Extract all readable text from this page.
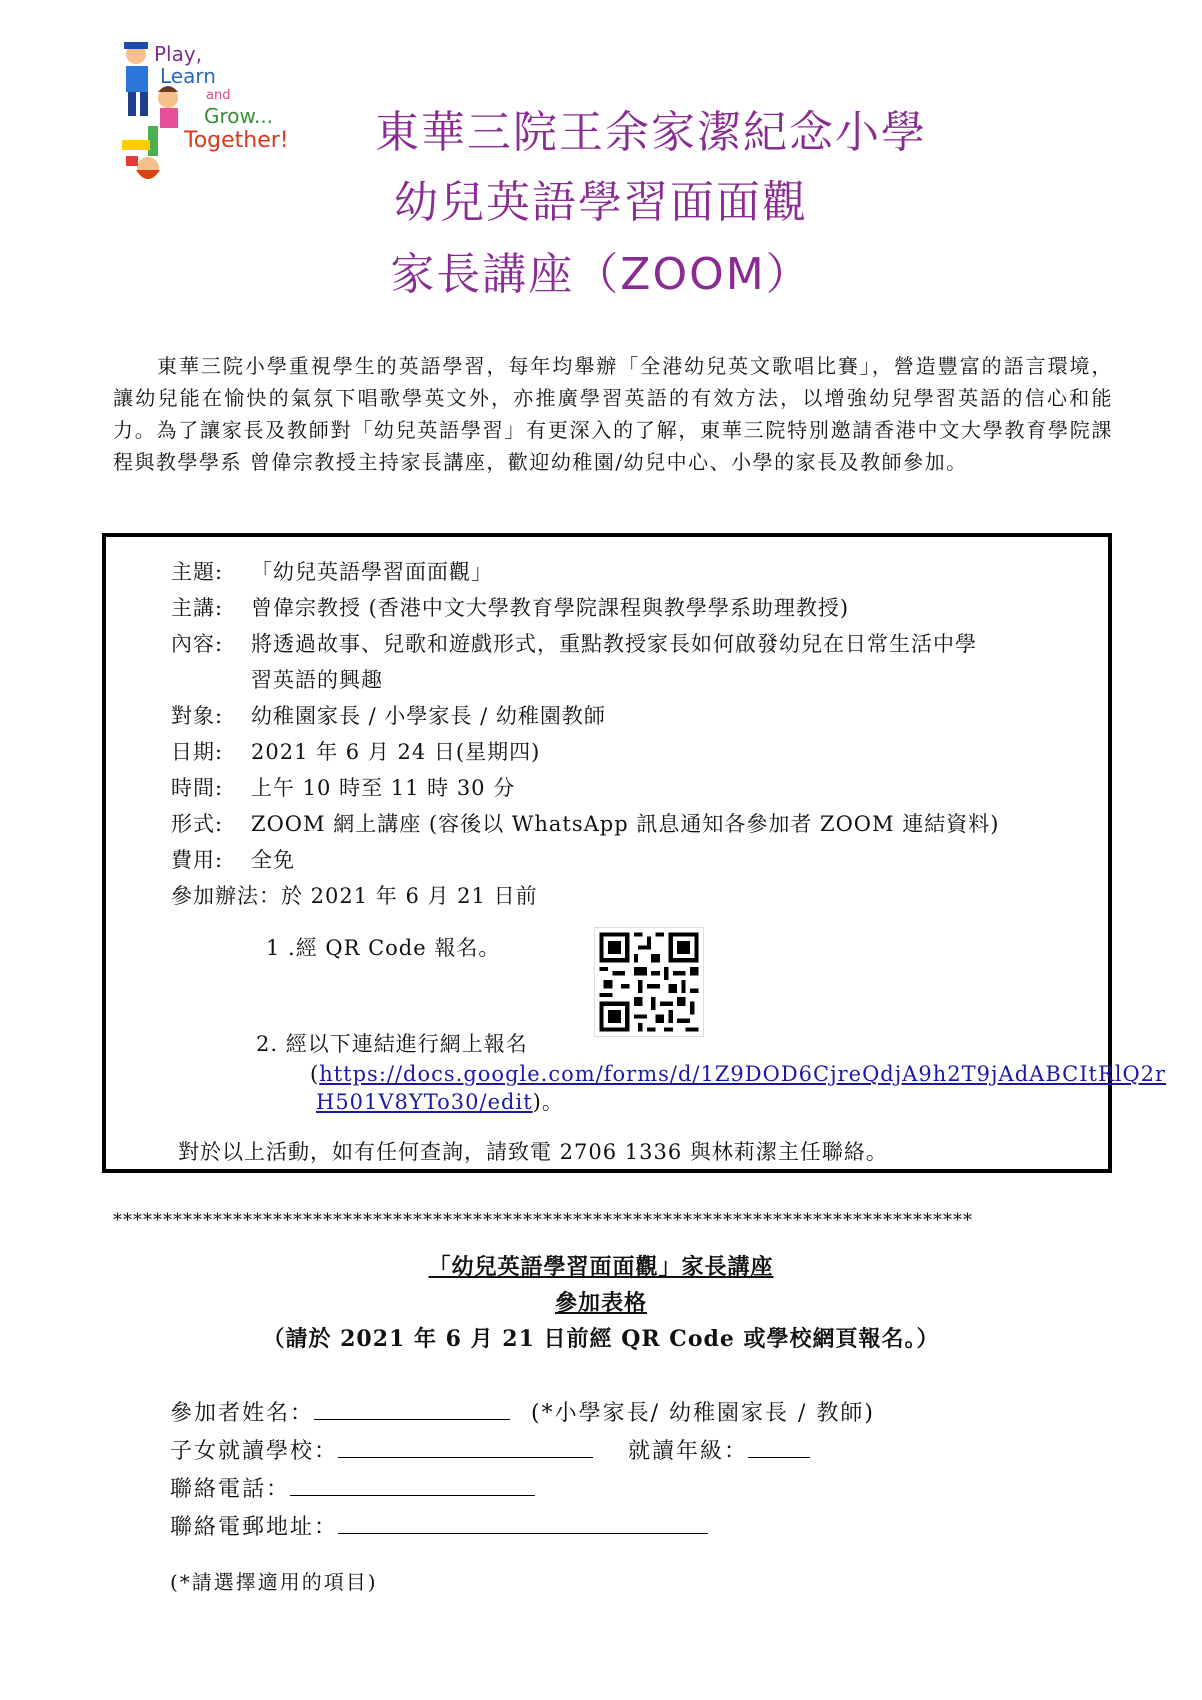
Play,
Learn
and
Grow...
Together!	東華三院王余家潔紀念小學
幼兒英語學習面面觀
家長講座（ZOOM）
東華三院小學重視學生的英語學習，每年均舉辦「全港幼兒英文歌唱比賽」，營造豐富的語言環境，讓幼兒能在愉快的氣氛下唱歌學英文外，亦推廣學習英語的有效方法，以增強幼兒學習英語的信心和能力。為了讓家長及教師對「幼兒英語學習」有更深入的了解，東華三院特別邀請香港中文大學教育學院課程與教學學系 曾偉宗教授主持家長講座，歡迎幼稚園/幼兒中心、小學的家長及教師參加。
主題: 「幼兒英語學習面面觀」
主講: 曾偉宗教授 (香港中文大學教育學院課程與教學學系助理教授)
內容: 將透過故事、兒歌和遊戲形式，重點教授家長如何啟發幼兒在日常生活中學
習英語的興趣
對象: 幼稚園家長 / 小學家長 / 幼稚園教師
日期: 2021 年 6 月 24 日(星期四)
時間: 上午 10 時至 11 時 30 分
形式: ZOOM 網上講座 (容後以 WhatsApp 訊息通知各參加者 ZOOM 連結資料)
費用: 全免
參加辦法：於 2021 年 6 月 21 日前
1 .經 QR Code 報名。
2. 經以下連結進行網上報名
(https://docs.google.com/forms/d/1Z9DOD6CjreQdjA9h2T9jAdABCItRlQ2r
H501V8YTo30/edit)。
對於以上活動，如有任何查詢，請致電 2706 1336 與林莉潔主任聯絡。
**************************************************************************************
「幼兒英語學習面面觀」家長講座
參加表格
（請於 2021 年 6 月 21 日前經 QR Code 或學校網頁報名。）
參加者姓名：	(*小學家長/ 幼稚園家長 / 教師)
子女就讀學校：	就讀年級：
聯絡電話：
聯絡電郵地址：
(*請選擇適用的項目)
